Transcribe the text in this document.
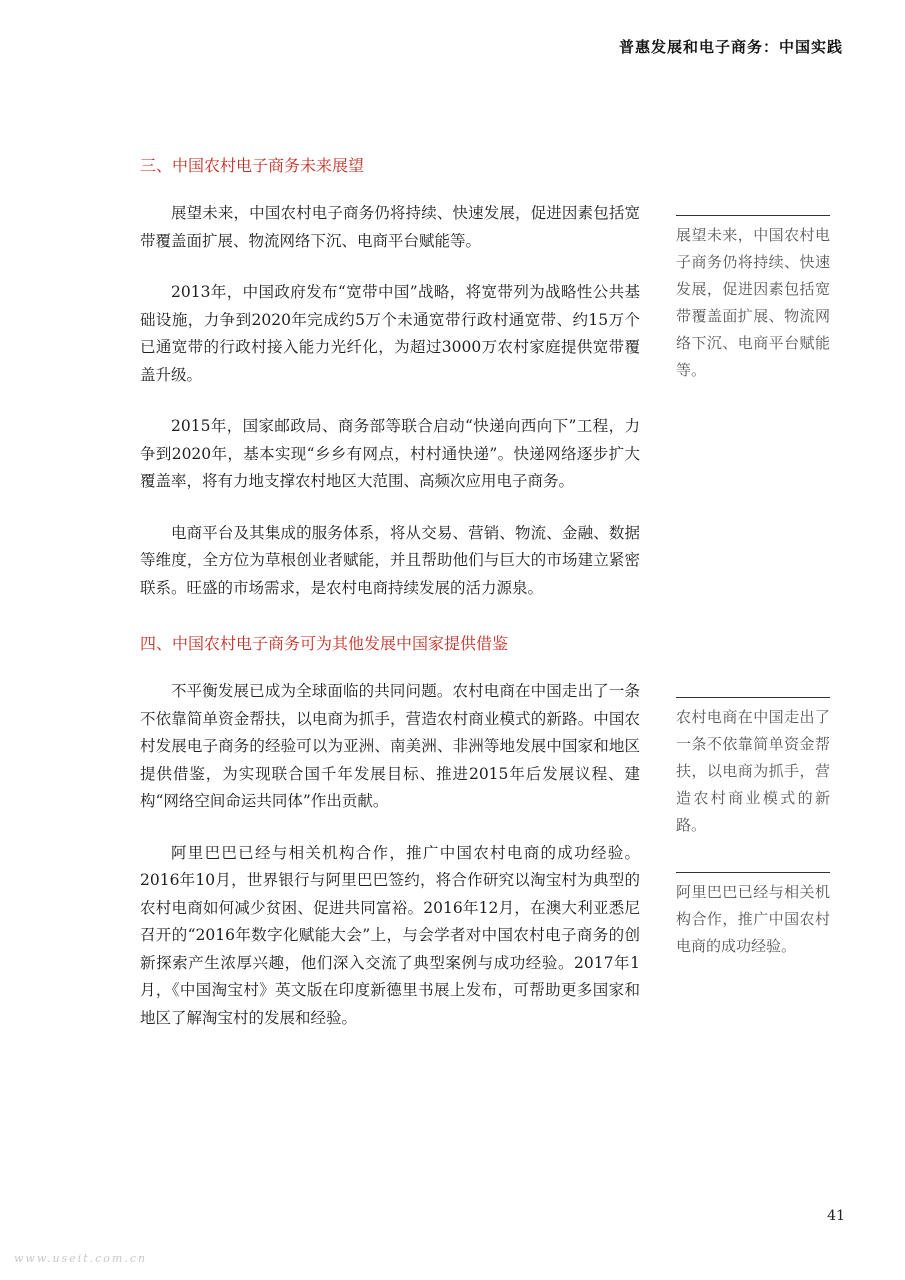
普惠发展和电子商务：中国实践
三、中国农村电子商务未来展望

展望未来，中国农村电子商务仍将持续、快速发展，促进因素包括宽带覆盖面扩展、物流网络下沉、电商平台赋能等。

2013年，中国政府发布“宽带中国”战略，将宽带列为战略性公共基础设施，力争到2020年完成约5万个未通宽带行政村通宽带、约15万个已通宽带的行政村接入能力光纤化，为超过3000万农村家庭提供宽带覆盖升级。

2015年，国家邮政局、商务部等联合启动“快递向西向下”工程，力争到2020年，基本实现“乡乡有网点，村村通快递”。快递网络逐步扩大覆盖率，将有力地支撑农村地区大范围、高频次应用电子商务。

电商平台及其集成的服务体系，将从交易、营销、物流、金融、数据等维度，全方位为草根创业者赋能，并且帮助他们与巨大的市场建立紧密联系。旺盛的市场需求，是农村电商持续发展的活力源泉。

四、中国农村电子商务可为其他发展中国家提供借鉴

不平衡发展已成为全球面临的共同问题。农村电商在中国走出了一条不依靠简单资金帮扶，以电商为抓手，营造农村商业模式的新路。中国农村发展电子商务的经验可以为亚洲、南美洲、非洲等地发展中国家和地区提供借鉴，为实现联合国千年发展目标、推进2015年后发展议程、建构“网络空间命运共同体”作出贡献。

阿里巴巴已经与相关机构合作，推广中国农村电商的成功经验。2016年10月，世界银行与阿里巴巴签约，将合作研究以淘宝村为典型的农村电商如何减少贫困、促进共同富裕。2016年12月，在澳大利亚悉尼召开的“2016年数字化赋能大会”上，与会学者对中国农村电子商务的创新探索产生浓厚兴趣，他们深入交流了典型案例与成功经验。2017年1月，《中国淘宝村》英文版在印度新德里书展上发布，可帮助更多国家和地区了解淘宝村的发展和经验。

展望未来，中国农村电子商务仍将持续、快速发展，促进因素包括宽带覆盖面扩展、物流网络下沉、电商平台赋能等。
农村电商在中国走出了一条不依靠简单资金帮扶，以电商为抓手，营造农村商业模式的新路。
阿里巴巴已经与相关机构合作，推广中国农村电商的成功经验。
41
www.useit.com.cn
